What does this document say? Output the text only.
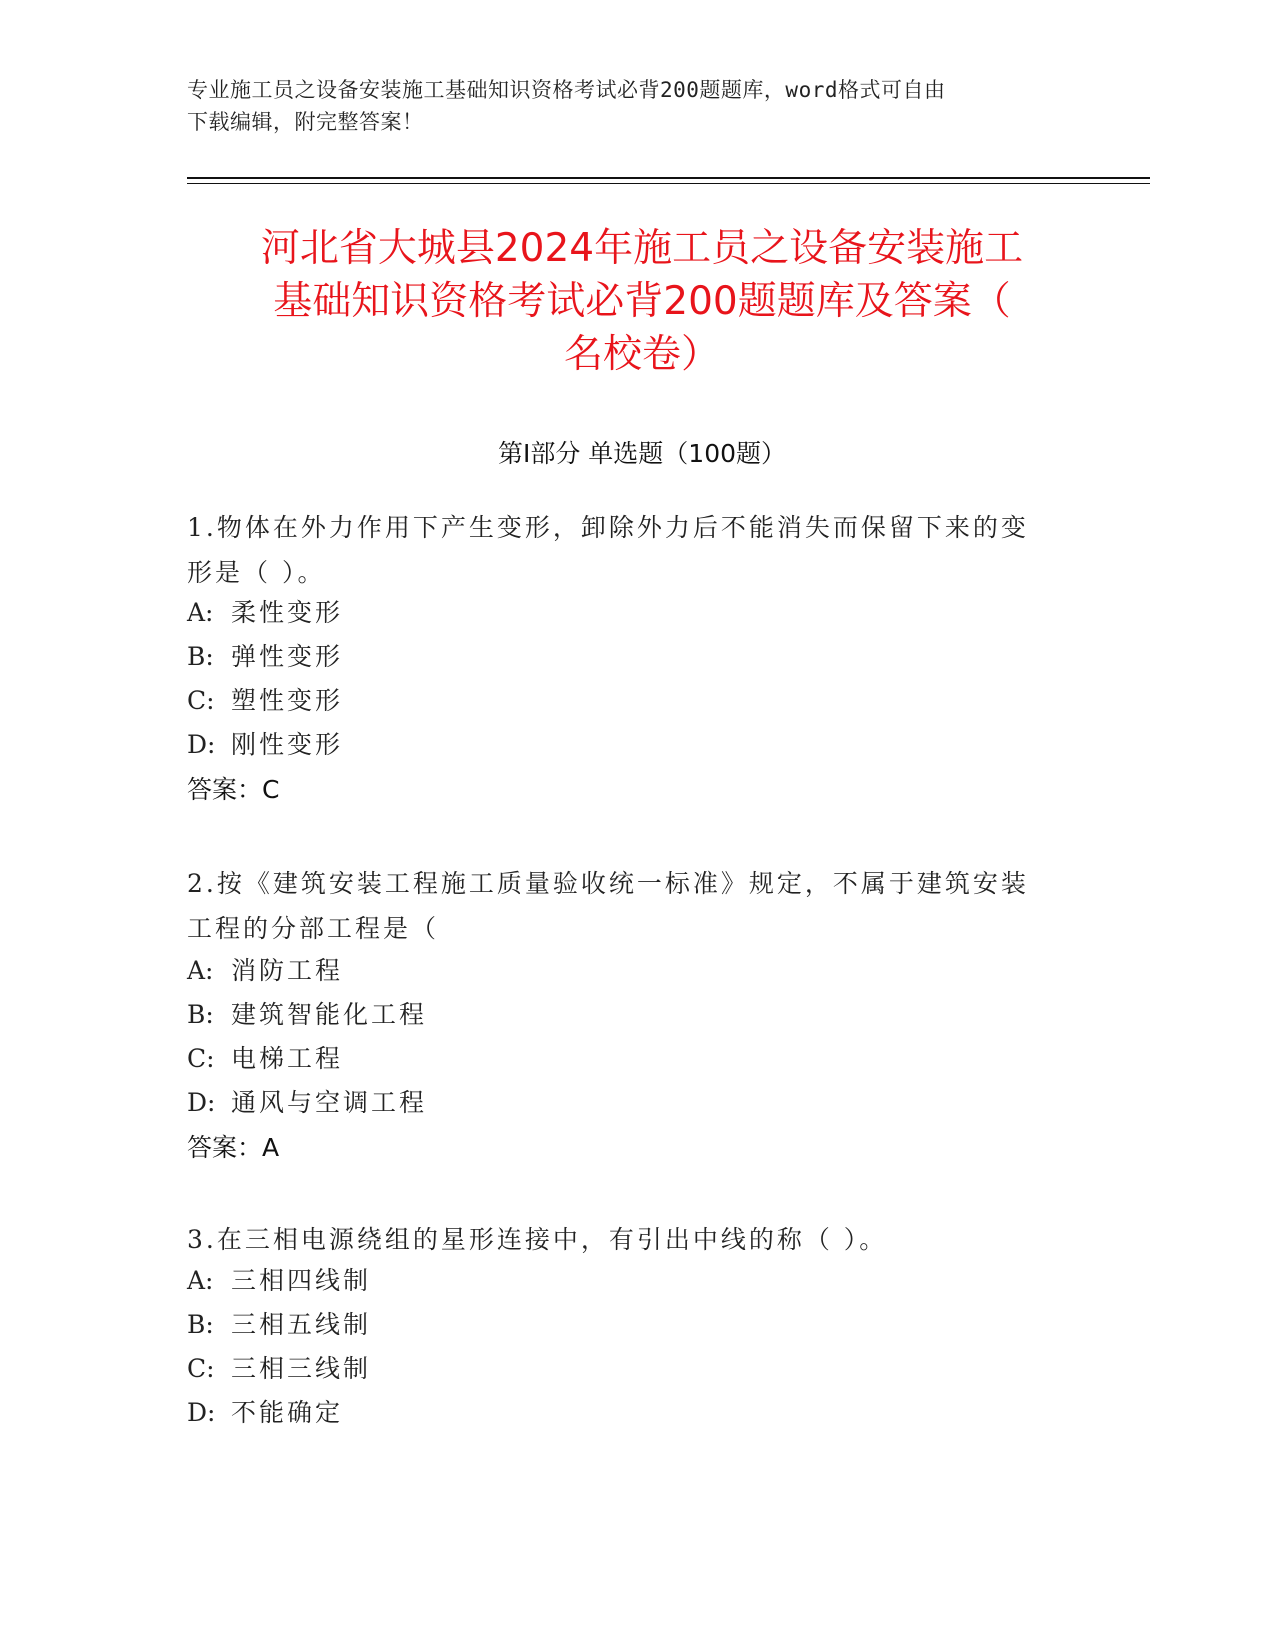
专业施工员之设备安装施工基础知识资格考试必背200题题库，word格式可自由
下载编辑，附完整答案！
河北省大城县2024年施工员之设备安装施工
基础知识资格考试必背200题题库及答案（
名校卷）
第Ⅰ部分 单选题（100题）
1.物体在外力作用下产生变形，卸除外力后不能消失而保留下来的变
形是（ ）。
A: 柔性变形
B: 弹性变形
C: 塑性变形
D: 刚性变形
答案：C
2.按《建筑安装工程施工质量验收统一标准》规定，不属于建筑安装
工程的分部工程是（
A: 消防工程
B: 建筑智能化工程
C: 电梯工程
D: 通风与空调工程
答案：A
3.在三相电源绕组的星形连接中，有引出中线的称（ ）。
A: 三相四线制
B: 三相五线制
C: 三相三线制
D: 不能确定
